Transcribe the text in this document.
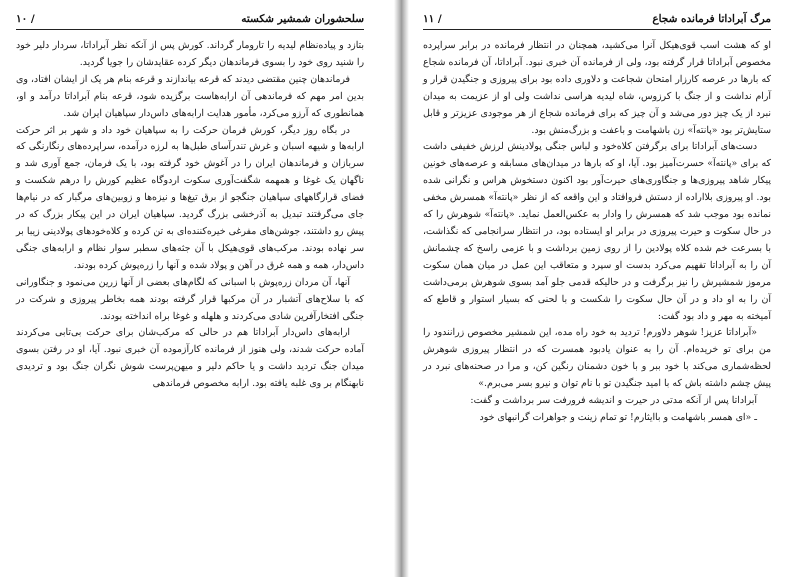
۱۰ /	سلحشوران شمشیر شکسته

بتازد و پیاده‌نظام لیدیه را تارومار گرداند. کورش پس از آنکه نظر آبراداتا، سردار دلیر خود را شنید روی خود را بسوی فرماندهان دیگر کرده عقایدشان را جویا گردید.

فرماندهان چنین مقتضی دیدند که قرعه بیاندازند و قرعه بنام هر یک از ایشان افتاد، وی بدین امر مهم که فرماندهی آن ارابه‌هاست برگزیده شود، قرعه بنام آبراداتا درآمد و او، همانطوری که آرزو می‌کرد، مأمور هدایت ارابه‌های داس‌دار سپاهیان ایران شد.

در بگاه روز دیگر، کورش فرمان حرکت را به سپاهیان خود داد و شهر بر اثر حرکت ارابه‌ها و شیهه اسبان و غرش تندرآسای طبل‌ها به لرزه درآمده، سراپرده‌های رنگارنگی که سربازان و فرماندهان ایران را در آغوش خود گرفته بود، با یک فرمان، جمع آوری شد و ناگهان یک غوغا و همهمه شگفت‌آوری سکوت اردوگاه عظیم کورش را درهم شکست و فضای قرارگاههای سپاهیان جنگجو از برق تیغ‌ها و نیزه‌ها و زوبین‌های مرگبار که در نیام‌ها جای می‌گرفتند تبدیل به آذرخشی بزرگ گردید. سپاهیان ایران در این پیکار بزرگ که در پیش رو داشتند، جوشن‌های مفرغی خیره‌کننده‌ای به تن کرده و کلاه‌خودهای پولادینی زیبا بر سر نهاده بودند. مرکب‌های قوی‌هیکل با آن جثه‌های سطبر سوار نظام و ارابه‌های جنگی داس‌دار، همه و همه غرق در آهن و پولاد شده و آنها را زره‌پوش کرده بودند.

آنها، آن مردان زره‌پوش با اسبانی که لگام‌های بعضی از آنها زرین می‌نمود و جنگاورانی که با سلاح‌های آتشبار در آن مرکبها قرار گرفته بودند همه بخاطر پیروزی و شرکت در جنگی افتخارآفرین شادی می‌کردند و هلهله و غوغا براه انداخته بودند.

ارابه‌های داس‌دار آبراداتا هم در حالی که مرکب‌شان برای حرکت بی‌تابی می‌کردند آماده حرکت شدند، ولی هنوز از فرمانده کارآزموده آن خبری نبود. آیا، او در رفتن بسوی میدان جنگ تردید داشت و یا حاکم دلیر و میهن‌پرست شوش نگران جنگ بود و تردیدی نابهنگام بر وی غلبه یافته بود. ارابه مخصوص فرماندهی

مرگ آبراداتا فرمانده شجاع
/ ۱۱

او که هشت اسب قوی‌هیکل آنرا می‌کشید، همچنان در انتظار فرمانده در برابر سراپرده مخصوص آبراداتا قرار گرفته بود، ولی از فرمانده آن خبری نبود. آبراداتا، آن فرمانده شجاع که بارها در عرصه کارزار امتحان شجاعت و دلاوری داده بود برای پیروزی و جنگیدن قرار و آرام نداشت و از جنگ با کرزوس، شاه لیدیه هراسی نداشت ولی او از عزیمت به میدان نبرد از یک چیز دور می‌شد و آن چیز که برای فرمانده شجاع از هر موجودی عزیزتر و قابل ستایش‌تر بود «پانته‌آ» زن باشهامت و باعفت و بزرگ‌منش بود.

دست‌های آبراداتا برای برگرفتن کلاه‌خود و لباس جنگی پولادینش لرزش خفیفی داشت که برای «پانته‌آ» حسرت‌آمیز بود. آیا، او که بارها در میدان‌های مسابقه و عرصه‌های خونین پیکار شاهد پیروزی‌ها و جنگاوری‌های حیرت‌آور بود اکنون دستخوش هراس و نگرانی شده بود. او پیروزی بلااراده از دستش فروافتاد و این واقعه که از نظر «پانته‌آ» همسرش مخفی نمانده بود موجب شد که همسرش را وادار به عکس‌العمل نماید. «پانته‌آ» شوهرش را که در حال سکوت و حیرت پیروزی در برابر او ایستاده بود، در انتظار سرانجامی که نگذاشت، با بسرعت خم شده کلاه پولادین را از روی زمین برداشت و با عزمی راسخ که چشمانش آن را به آبراداتا تفهیم می‌کرد بدست او سپرد و متعاقب این عمل در میان همان سکوت مرموز شمشیرش را نیز برگرفت و در حالیکه قدمی جلو آمد بسوی شوهرش برمی‌داشت آن را به او داد و در آن حال سکوت را شکست و با لحنی که بسیار استوار و قاطع که آمیخته به مهر و داد بود گفت:

«آبراداتا عزیز! شوهر دلاورم! تردید به خود راه مده، این شمشیر مخصوص زرانندود را من برای تو خریده‌ام. آن را به عنوان یادبود همسرت که در انتظار پیروزی شوهرش لحظه‌شماری می‌کند با خود ببر و با خون دشمنان رنگین کن، و مرا در صحنه‌های نبرد در پیش چشم داشته باش که با امید جنگیدن تو با نام توان و نیرو بسر می‌برم.»

آبراداتا پس از آنکه مدتی در حیرت و اندیشه فرورفت سر برداشت و گفت:

ـ «ای همسر باشهامت و باایثارم! تو تمام زینت و جواهرات گرانبهای خود
